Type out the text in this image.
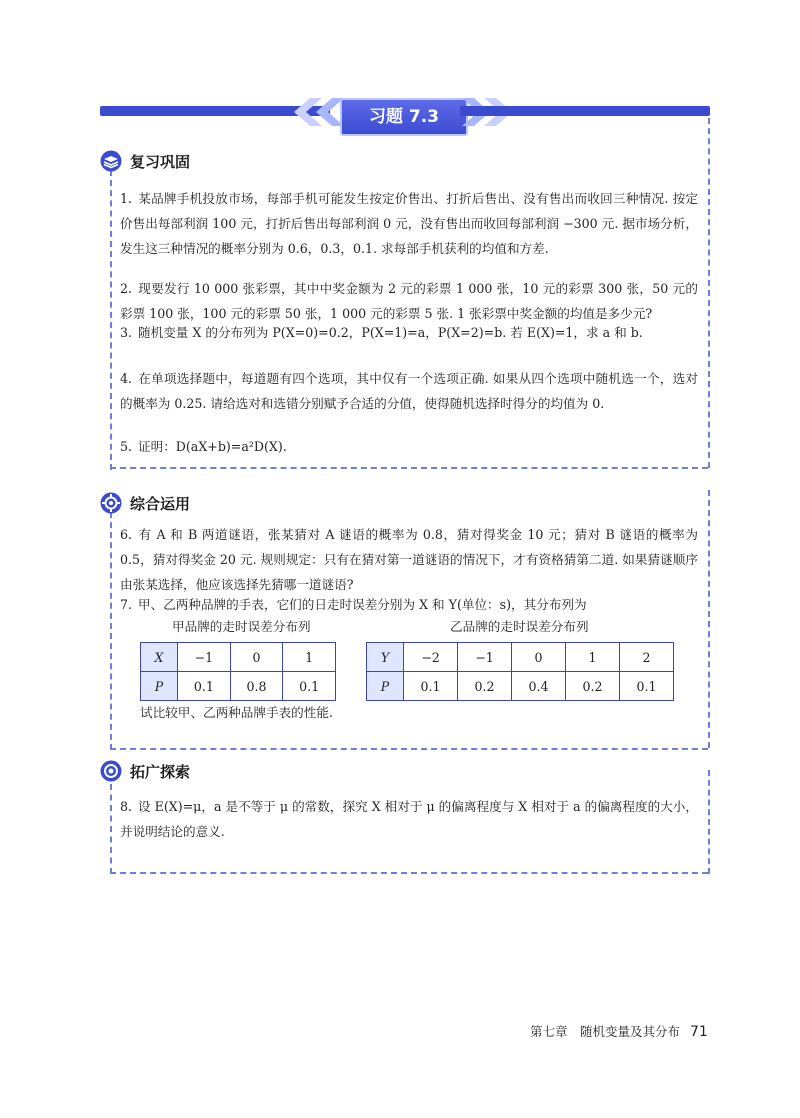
习题 7.3
复习巩固
1. 某品牌手机投放市场，每部手机可能发生按定价售出、打折后售出、没有售出而收回三种情况. 按定价售出每部利润 100 元，打折后售出每部利润 0 元，没有售出而收回每部利润 −300 元. 据市场分析，发生这三种情况的概率分别为 0.6，0.3，0.1. 求每部手机获利的均值和方差.
2. 现要发行 10 000 张彩票，其中中奖金额为 2 元的彩票 1 000 张，10 元的彩票 300 张，50 元的彩票 100 张，100 元的彩票 50 张，1 000 元的彩票 5 张. 1 张彩票中奖金额的均值是多少元?
3. 随机变量 X 的分布列为 P(X=0)=0.2，P(X=1)=a，P(X=2)=b. 若 E(X)=1，求 a 和 b.
4. 在单项选择题中，每道题有四个选项，其中仅有一个选项正确. 如果从四个选项中随机选一个，选对的概率为 0.25. 请给选对和选错分别赋予合适的分值，使得随机选择时得分的均值为 0.
5. 证明：D(aX+b)=a²D(X).
综合运用
6. 有 A 和 B 两道谜语，张某猜对 A 谜语的概率为 0.8，猜对得奖金 10 元；猜对 B 谜语的概率为 0.5，猜对得奖金 20 元. 规则规定：只有在猜对第一道谜语的情况下，才有资格猜第二道. 如果猜谜顺序由张某选择，他应该选择先猜哪一道谜语?
7. 甲、乙两种品牌的手表，它们的日走时误差分别为 X 和 Y(单位：s)，其分布列为
甲品牌的走时误差分布列	乙品牌的走时误差分布列
X	−1	0	1
P	0.1	0.8	0.1
Y	−2	−1	0	1	2
P	0.1	0.2	0.4	0.2	0.1
试比较甲、乙两种品牌手表的性能.
拓广探索
8. 设 E(X)=μ，a 是不等于 μ 的常数，探究 X 相对于 μ 的偏离程度与 X 相对于 a 的偏离程度的大小，并说明结论的意义.
第七章　随机变量及其分布 71
